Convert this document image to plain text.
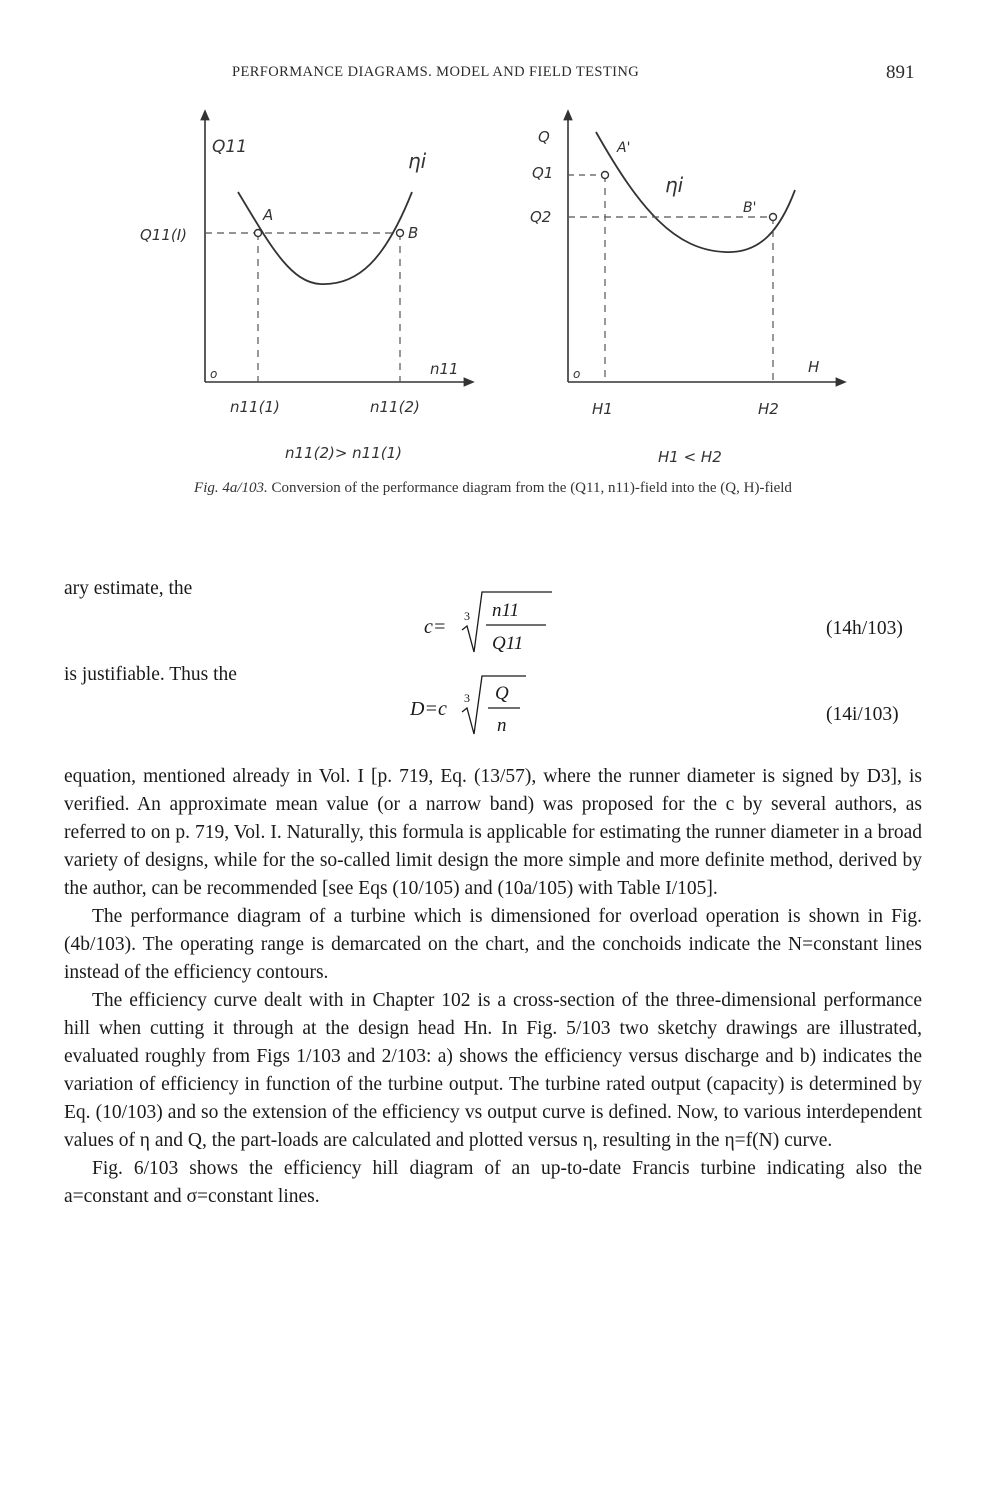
PERFORMANCE DIAGRAMS. MODEL AND FIELD TESTING	891
Q11
Q11(I)
ηi
A
B
o	n11
n11(1)	n11(2)
n11(2)> n11(1)
Q
Q1
Q2
ηi
A'
B'
o	H
H1	H2
H1 < H2
Fig. 4a/103. Conversion of the performance diagram from the (Q11, n11)-field into the (Q, H)-field
ary estimate, the
is justifiable. Thus the
c= 3 n11
Q11
(14h/103)
D=c 3 Q
n
(14i/103)

equation, mentioned already in Vol. I [p. 719, Eq. (13/57), where the runner diameter is signed by D3], is verified. An approximate mean value (or a narrow band) was proposed for the c by several authors, as referred to on p. 719, Vol. I. Naturally, this formula is applicable for estimating the runner diameter in a broad variety of designs, while for the so-called limit design the more simple and more definite method, derived by the author, can be recommended [see Eqs (10/105) and (10a/105) with Table I/105].

The performance diagram of a turbine which is dimensioned for overload operation is shown in Fig. (4b/103). The operating range is demarcated on the chart, and the conchoids indicate the N=constant lines instead of the efficiency contours.

The efficiency curve dealt with in Chapter 102 is a cross-section of the three-dimensional performance hill when cutting it through at the design head Hn. In Fig. 5/103 two sketchy drawings are illustrated, evaluated roughly from Figs 1/103 and 2/103: a) shows the efficiency versus discharge and b) indicates the variation of efficiency in function of the turbine output. The turbine rated output (capacity) is determined by Eq. (10/103) and so the extension of the efficiency vs output curve is defined. Now, to various interdependent values of η and Q, the part-loads are calculated and plotted versus η, resulting in the η=f(N) curve.

Fig. 6/103 shows the efficiency hill diagram of an up-to-date Francis turbine indicating also the a=constant and σ=constant lines.
